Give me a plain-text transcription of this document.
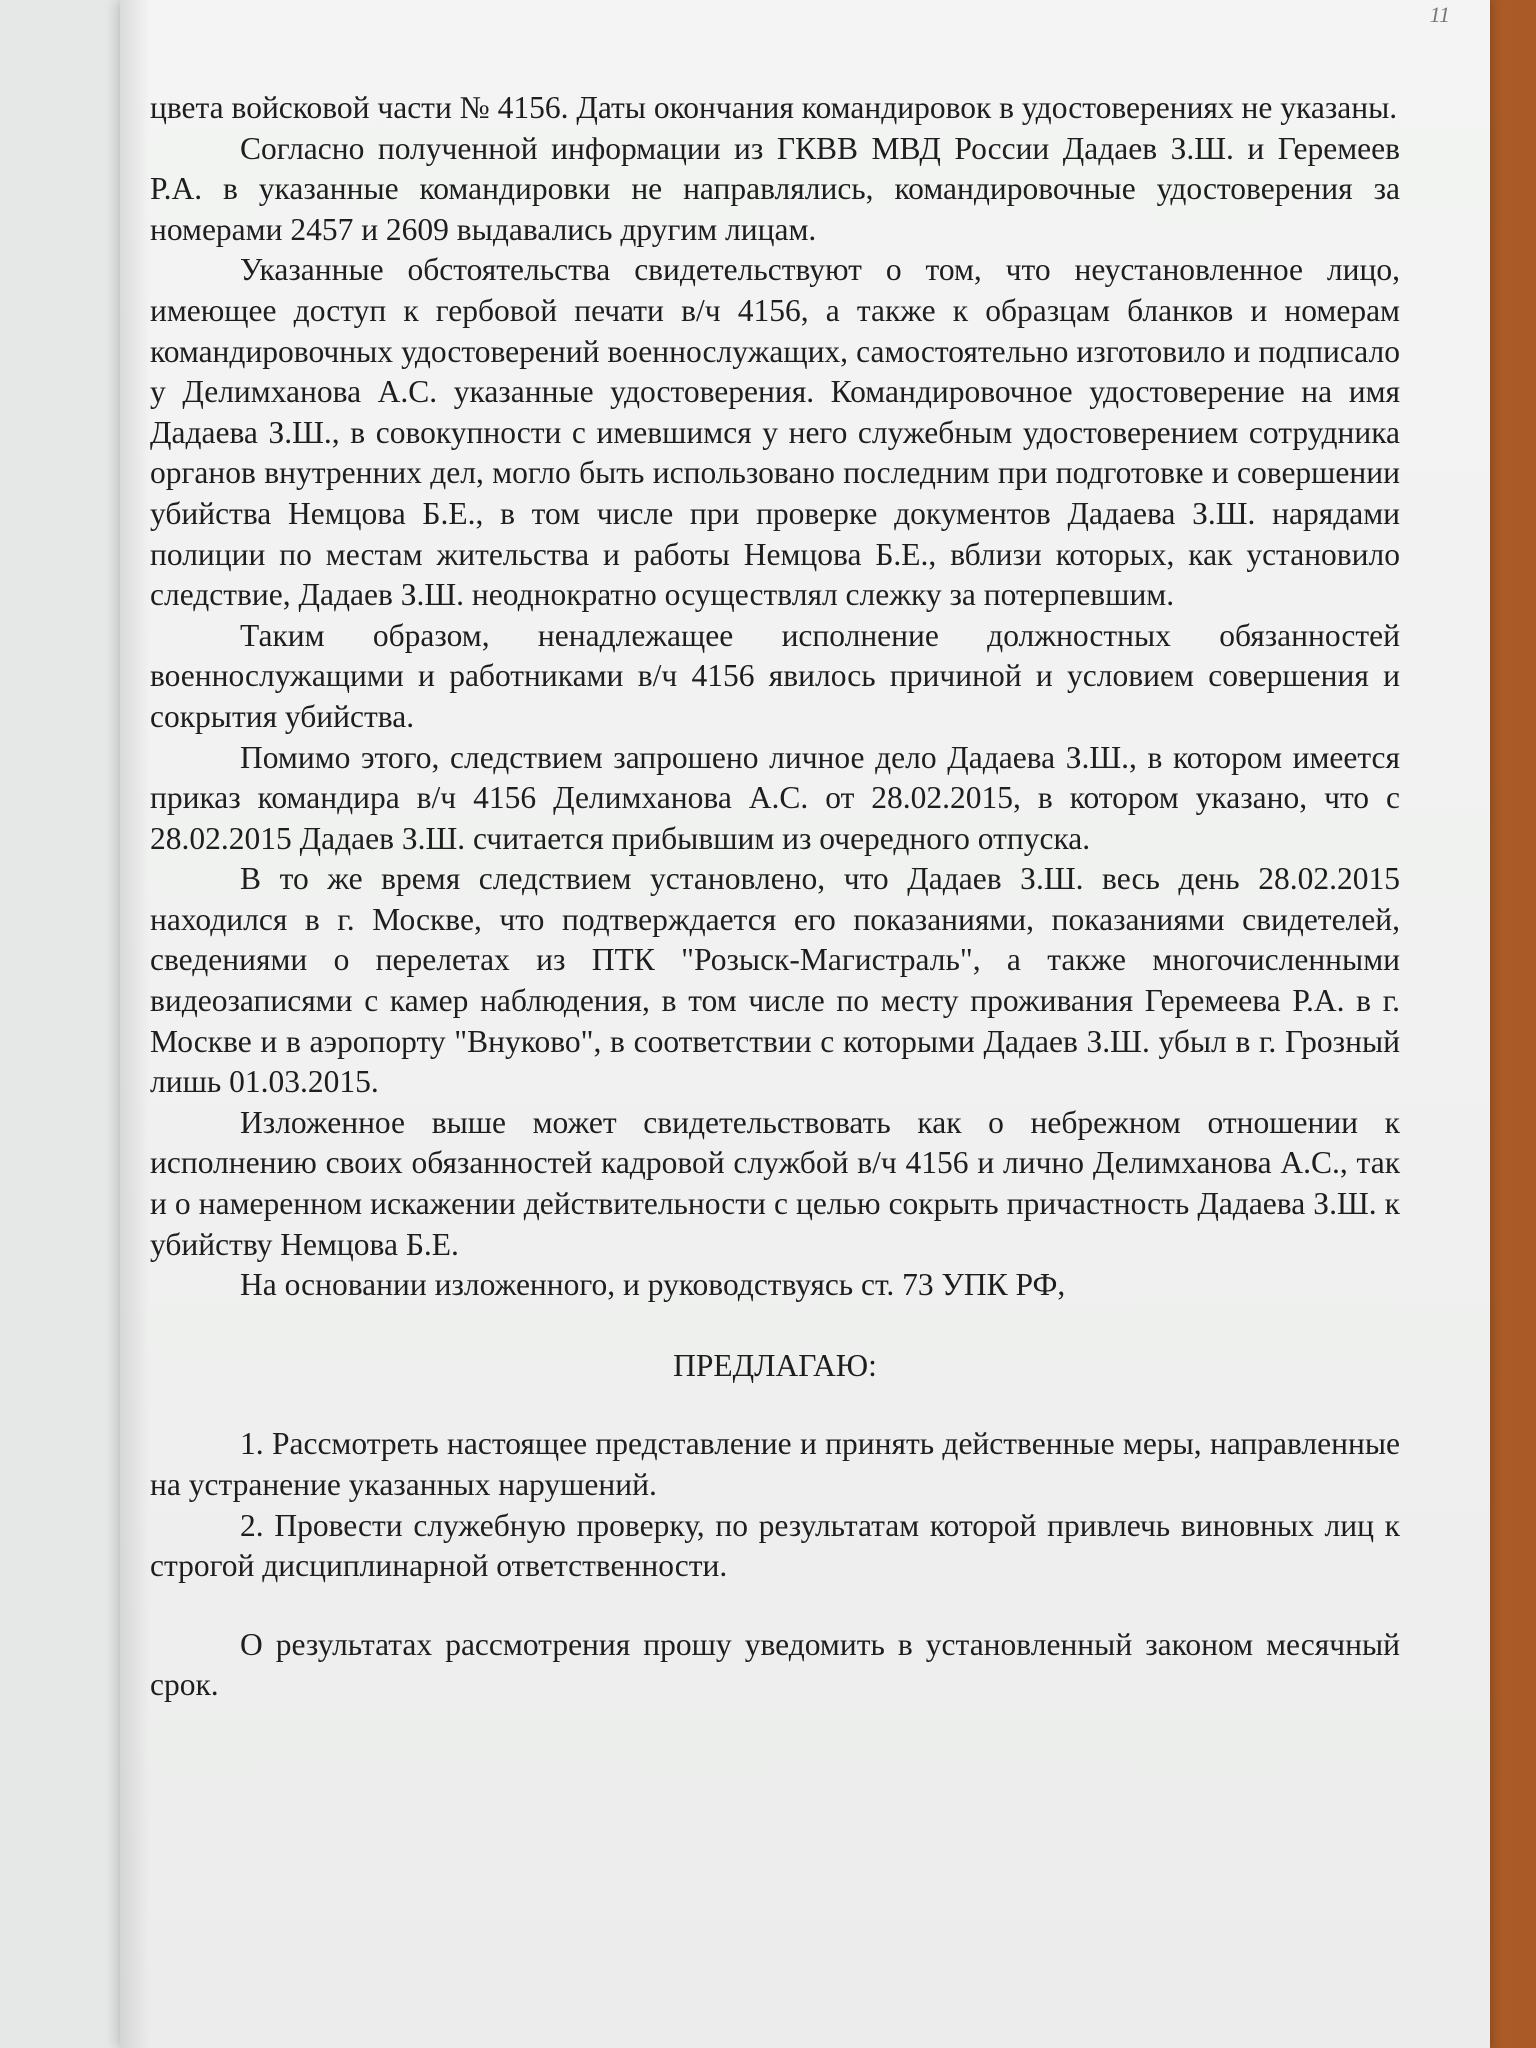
11

цвета войсковой части № 4156. Даты окончания командировок в удостоверениях не указаны.

Согласно полученной информации из ГКВВ МВД России Дадаев З.Ш. и Геремеев Р.А. в указанные командировки не направлялись, командировочные удостоверения за номерами 2457 и 2609 выдавались другим лицам.

Указанные обстоятельства свидетельствуют о том, что неустановленное лицо, имеющее доступ к гербовой печати в/ч 4156, а также к образцам бланков и номерам командировочных удостоверений военнослужащих, самостоятельно изготовило и подписало у Делимханова А.С. указанные удостоверения. Командировочное удостоверение на имя Дадаева З.Ш., в совокупности с имевшимся у него служебным удостоверением сотрудника органов внутренних дел, могло быть использовано последним при подготовке и совершении убийства Немцова Б.Е., в том числе при проверке документов Дадаева З.Ш. нарядами полиции по местам жительства и работы Немцова Б.Е., вблизи которых, как установило следствие, Дадаев З.Ш. неоднократно осуществлял слежку за потерпевшим.

Таким образом, ненадлежащее исполнение должностных обязанностей военнослужащими и работниками в/ч 4156 явилось причиной и условием совершения и сокрытия убийства.

Помимо этого, следствием запрошено личное дело Дадаева З.Ш., в котором имеется приказ командира в/ч 4156 Делимханова А.С. от 28.02.2015, в котором указано, что с 28.02.2015 Дадаев З.Ш. считается прибывшим из очередного отпуска.

В то же время следствием установлено, что Дадаев З.Ш. весь день 28.02.2015 находился в г. Москве, что подтверждается его показаниями, показаниями свидетелей, сведениями о перелетах из ПТК "Розыск-Магистраль", а также многочисленными видеозаписями с камер наблюдения, в том числе по месту проживания Геремеева Р.А. в г. Москве и в аэропорту "Внуково", в соответствии с которыми Дадаев З.Ш. убыл в г. Грозный лишь 01.03.2015.

Изложенное выше может свидетельствовать как о небрежном отношении к исполнению своих обязанностей кадровой службой в/ч 4156 и лично Делимханова А.С., так и о намеренном искажении действительности с целью сокрыть причастность Дадаева З.Ш. к убийству Немцова Б.Е.

На основании изложенного, и руководствуясь ст. 73 УПК РФ,

ПРЕДЛАГАЮ:

1. Рассмотреть настоящее представление и принять действенные меры, направленные на устранение указанных нарушений.

2. Провести служебную проверку, по результатам которой привлечь виновных лиц к строгой дисциплинарной ответственности.

О результатах рассмотрения прошу уведомить в установленный законом месячный срок.
